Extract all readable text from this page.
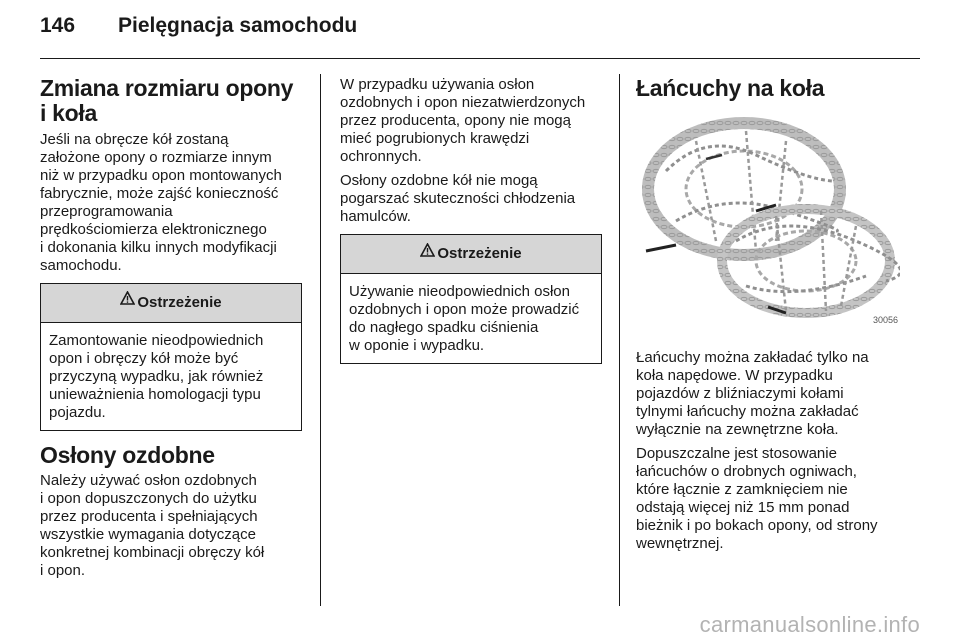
146 Pielęgnacja samochodu
Zmiana rozmiaru opony
i koła

Jeśli na obręcze kół zostaną
założone opony o rozmiarze innym
niż w przypadku opon montowanych
fabrycznie, może zajść konieczność
przeprogramowania
prędkościomierza elektronicznego
i dokonania kilku innych modyfikacji
samochodu.

Ostrzeżenie
Zamontowanie nieodpowiednich
opon i obręczy kół może być
przyczyną wypadku, jak również
unieważnienia homologacji typu
pojazdu.
Osłony ozdobne

Należy używać osłon ozdobnych
i opon dopuszczonych do użytku
przez producenta i spełniających
wszystkie wymagania dotyczące
konkretnej kombinacji obręczy kół
i opon.

W przypadku używania osłon
ozdobnych i opon niezatwierdzonych
przez producenta, opony nie mogą
mieć pogrubionych krawędzi
ochronnych.

Osłony ozdobne kół nie mogą
pogarszać skuteczności chłodzenia
hamulców.

Ostrzeżenie
Używanie nieodpowiednich osłon
ozdobnych i opon może prowadzić
do nagłego spadku ciśnienia
w oponie i wypadku.
Łańcuchy na koła
30056

Łańcuchy można zakładać tylko na
koła napędowe. W przypadku
pojazdów z bliźniaczymi kołami
tylnymi łańcuchy można zakładać
wyłącznie na zewnętrzne koła.

Dopuszczalne jest stosowanie
łańcuchów o drobnych ogniwach,
które łącznie z zamknięciem nie
odstają więcej niż 15 mm ponad
bieżnik i po bokach opony, od strony
wewnętrznej.

carmanualsonline.info
